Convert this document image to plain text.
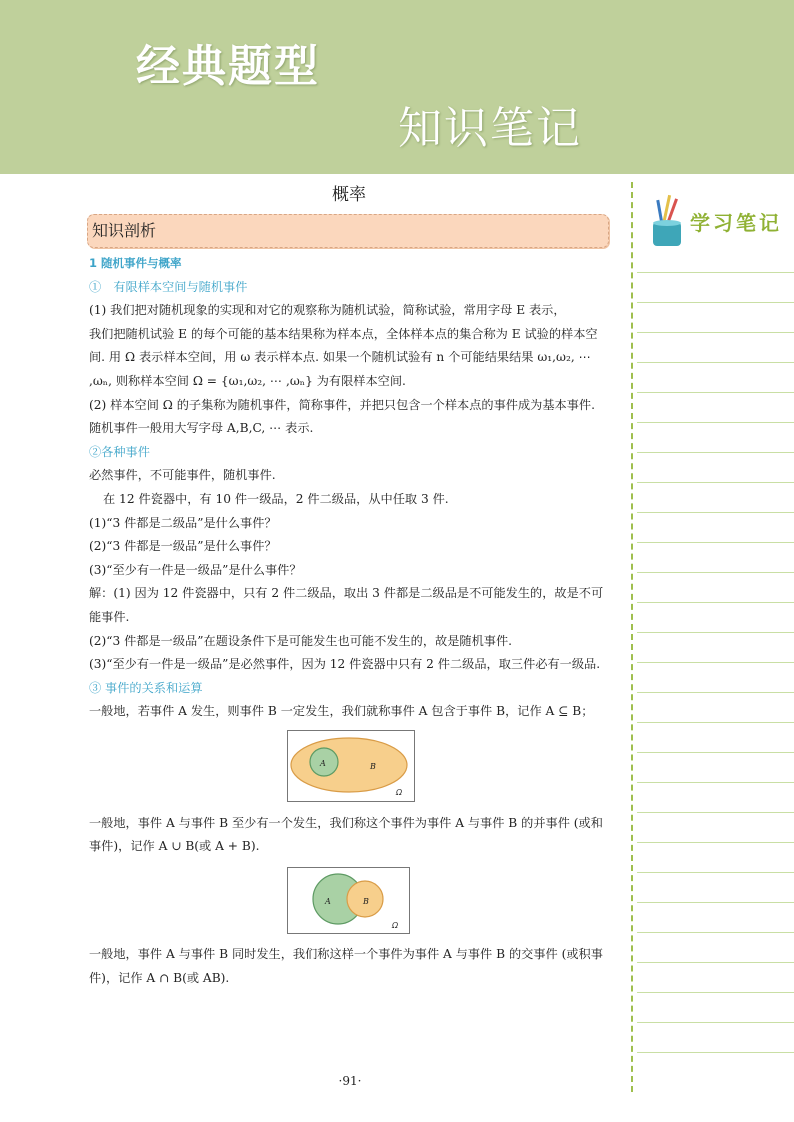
经典题型
知识笔记
概率
知识剖析

1 随机事件与概率

①　有限样本空间与随机事件

(1) 我们把对随机现象的实现和对它的观察称为随机试验，简称试验，常用字母 E 表示，

我们把随机试验 E 的每个可能的基本结果称为样本点，全体样本点的集合称为 E 试验的样本空间. 用 Ω 表示样本空间，用 ω 表示样本点. 如果一个随机试验有 n 个可能结果结果 ω₁,ω₂, ⋯ ,ωₙ, 则称样本空间 Ω = {ω₁,ω₂, ⋯ ,ωₙ} 为有限样本空间.

(2) 样本空间 Ω 的子集称为随机事件，简称事件，并把只包含一个样本点的事件成为基本事件. 随机事件一般用大写字母 A,B,C, ⋯ 表示.

②各种事件

必然事件，不可能事件，随机事件.

在 12 件瓷器中，有 10 件一级品，2 件二级品，从中任取 3 件.

(1)“3 件都是二级品”是什么事件？

(2)“3 件都是一级品”是什么事件？

(3)“至少有一件是一级品”是什么事件？

解：(1) 因为 12 件瓷器中，只有 2 件二级品，取出 3 件都是二级品是不可能发生的，故是不可能事件.

(2)“3 件都是一级品”在题设条件下是可能发生也可能不发生的，故是随机事件.

(3)“至少有一件是一级品”是必然事件，因为 12 件瓷器中只有 2 件二级品，取三件必有一级品.

③ 事件的关系和运算

一般地，若事件 A 发生，则事件 B 一定发生，我们就称事件 A 包含于事件 B，记作 A ⊆ B；

A	B
Ω

一般地，事件 A 与事件 B 至少有一个发生，我们称这个事件为事件 A 与事件 B 的并事件 (或和事件)，记作 A ∪ B(或 A + B).

A	B
Ω

一般地，事件 A 与事件 B 同时发生，我们称这样一个事件为事件 A 与事件 B 的交事件 (或积事件)，记作 A ∩ B(或 AB).

学习笔记
·91·
